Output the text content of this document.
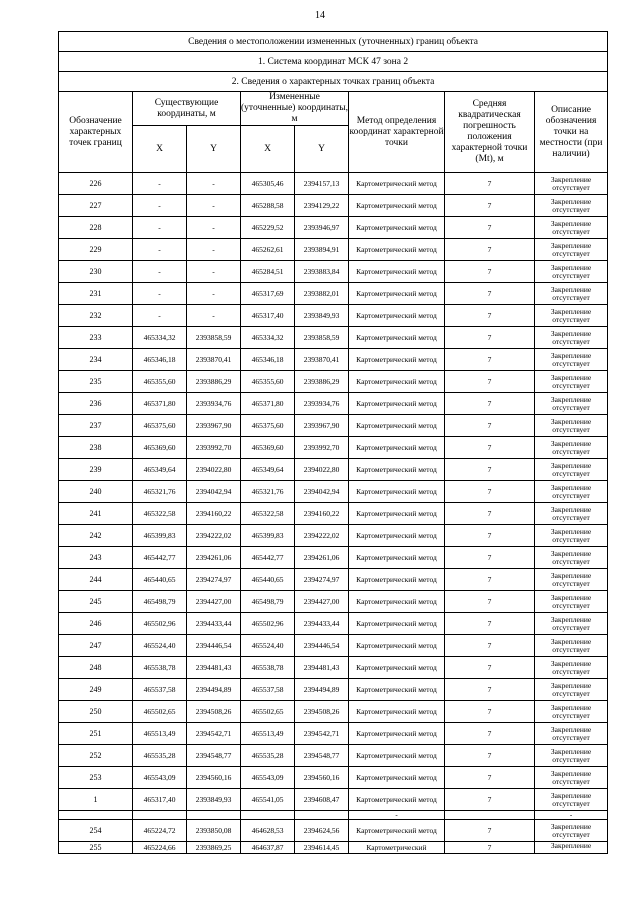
14
Сведения о местоположении измененных (уточненных) границ объекта							
1. Система координат МСК 47 зона 2							
2. Сведения о характерных точках границ объекта							
Обозначение характерных точек границ	Существующие координаты, м		Измененные (уточненные) координаты, м		Метод определения координат характерной точки	Средняя квадратическая погрешность положения характерной точки (Mt), м	Описание обозначения точки на местности (при наличии)
	X	Y	X	Y			
226	-	-	465305,46	2394157,13	Картометрический метод	7	Закрепление отсутствует
227	-	-	465288,58	2394129,22	Картометрический метод	7	Закрепление отсутствует
228	-	-	465229,52	2393946,97	Картометрический метод	7	Закрепление отсутствует
229	-	-	465262,61	2393894,91	Картометрический метод	7	Закрепление отсутствует
230	-	-	465284,51	2393883,84	Картометрический метод	7	Закрепление отсутствует
231	-	-	465317,69	2393882,01	Картометрический метод	7	Закрепление отсутствует
232	-	-	465317,40	2393849,93	Картометрический метод	7	Закрепление отсутствует
233	465334,32	2393858,59	465334,32	2393858,59	Картометрический метод	7	Закрепление отсутствует
234	465346,18	2393870,41	465346,18	2393870,41	Картометрический метод	7	Закрепление отсутствует
235	465355,60	2393886,29	465355,60	2393886,29	Картометрический метод	7	Закрепление отсутствует
236	465371,80	2393934,76	465371,80	2393934,76	Картометрический метод	7	Закрепление отсутствует
237	465375,60	2393967,90	465375,60	2393967,90	Картометрический метод	7	Закрепление отсутствует
238	465369,60	2393992,70	465369,60	2393992,70	Картометрический метод	7	Закрепление отсутствует
239	465349,64	2394022,80	465349,64	2394022,80	Картометрический метод	7	Закрепление отсутствует
240	465321,76	2394042,94	465321,76	2394042,94	Картометрический метод	7	Закрепление отсутствует
241	465322,58	2394160,22	465322,58	2394160,22	Картометрический метод	7	Закрепление отсутствует
242	465399,83	2394222,02	465399,83	2394222,02	Картометрический метод	7	Закрепление отсутствует
243	465442,77	2394261,06	465442,77	2394261,06	Картометрический метод	7	Закрепление отсутствует
244	465440,65	2394274,97	465440,65	2394274,97	Картометрический метод	7	Закрепление отсутствует
245	465498,79	2394427,00	465498,79	2394427,00	Картометрический метод	7	Закрепление отсутствует
246	465502,96	2394433,44	465502,96	2394433,44	Картометрический метод	7	Закрепление отсутствует
247	465524,40	2394446,54	465524,40	2394446,54	Картометрический метод	7	Закрепление отсутствует
248	465538,78	2394481,43	465538,78	2394481,43	Картометрический метод	7	Закрепление отсутствует
249	465537,58	2394494,89	465537,58	2394494,89	Картометрический метод	7	Закрепление отсутствует
250	465502,65	2394508,26	465502,65	2394508,26	Картометрический метод	7	Закрепление отсутствует
251	465513,49	2394542,71	465513,49	2394542,71	Картометрический метод	7	Закрепление отсутствует
252	465535,28	2394548,77	465535,28	2394548,77	Картометрический метод	7	Закрепление отсутствует
253	465543,09	2394560,16	465543,09	2394560,16	Картометрический метод	7	Закрепление отсутствует
1	465317,40	2393849,93	465541,05	2394608,47	Картометрический метод	7	Закрепление отсутствует
					-		-
254	465224,72	2393850,08	464628,53	2394624,56	Картометрический метод	7	Закрепление отсутствует
255	465224,66	2393869,25	464637,87	2394614,45	Картометрический	7	Закрепление
